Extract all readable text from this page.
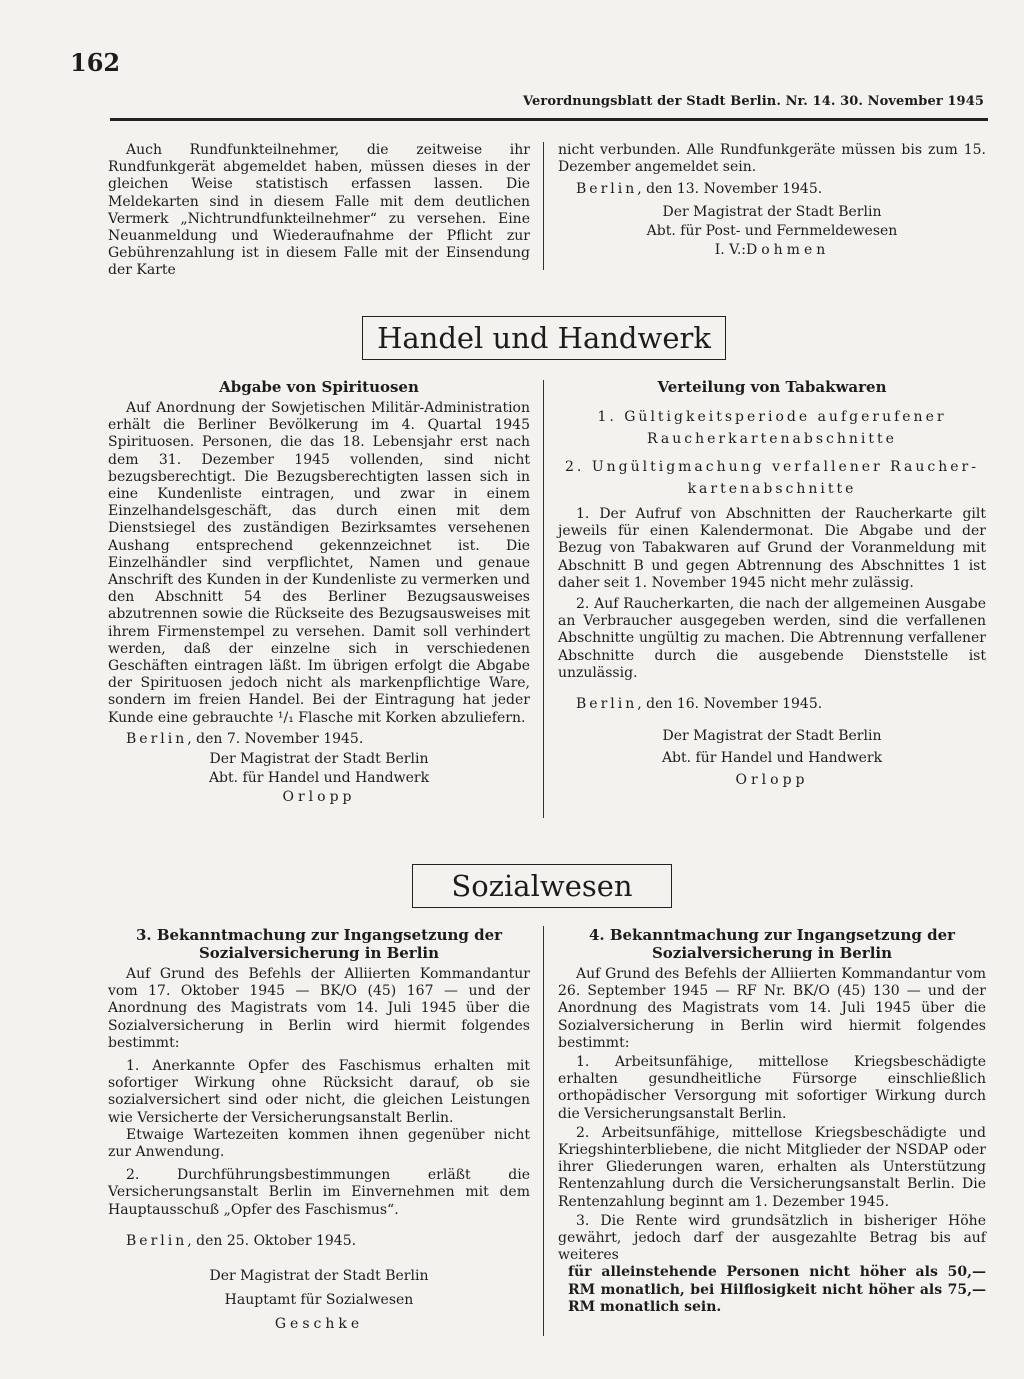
162
Verordnungsblatt der Stadt Berlin. Nr. 14. 30. November 1945

Auch Rundfunkteilnehmer, die zeitweise ihr Rundfunkgerät abgemeldet haben, müssen dieses in der gleichen Weise statistisch erfassen lassen. Die Meldekarten sind in diesem Falle mit dem deutlichen Vermerk „Nichtrundfunkteilnehmer“ zu versehen. Eine Neuanmeldung und Wiederaufnahme der Pflicht zur Gebührenzahlung ist in diesem Falle mit der Einsendung der Karte

nicht verbunden. Alle Rundfunkgeräte müssen bis zum 15. Dezember angemeldet sein.

Berlin, den 13. November 1945.

Der Magistrat der Stadt Berlin
Abt. für Post- und Fernmeldewesen
I. V.:Dohmen
Handel und Handwerk
Abgabe von Spirituosen

Auf Anordnung der Sowjetischen Militär-Administration erhält die Berliner Bevölkerung im 4. Quartal 1945 Spirituosen. Personen, die das 18. Lebensjahr erst nach dem 31. Dezember 1945 vollenden, sind nicht bezugsberechtigt. Die Bezugsberechtigten lassen sich in eine Kundenliste eintragen, und zwar in einem Einzelhandelsgeschäft, das durch einen mit dem Dienstsiegel des zuständigen Bezirksamtes versehenen Aushang entsprechend gekennzeichnet ist. Die Einzelhändler sind verpflichtet, Namen und genaue Anschrift des Kunden in der Kundenliste zu vermerken und den Abschnitt 54 des Berliner Bezugsausweises abzutrennen sowie die Rückseite des Bezugsausweises mit ihrem Firmenstempel zu versehen. Damit soll verhindert werden, daß der einzelne sich in verschiedenen Geschäften eintragen läßt. Im übrigen erfolgt die Abgabe der Spirituosen jedoch nicht als markenpflichtige Ware, sondern im freien Handel. Bei der Eintragung hat jeder Kunde eine gebrauchte ¹/₁ Flasche mit Korken abzuliefern.

Berlin, den 7. November 1945.

Der Magistrat der Stadt Berlin
Abt. für Handel und Handwerk
Orlopp
Verteilung von Tabakwaren
1. Gültigkeitsperiode aufgerufener
Raucherkartenabschnitte
2. Ungültigmachung verfallener Raucher-
kartenabschnitte

1. Der Aufruf von Abschnitten der Raucherkarte gilt jeweils für einen Kalendermonat. Die Abgabe und der Bezug von Tabakwaren auf Grund der Voranmeldung mit Abschnitt B und gegen Abtrennung des Abschnittes 1 ist daher seit 1. November 1945 nicht mehr zulässig.

2. Auf Raucherkarten, die nach der allgemeinen Ausgabe an Verbraucher ausgegeben werden, sind die verfallenen Abschnitte ungültig zu machen. Die Abtrennung verfallener Abschnitte durch die ausgebende Dienststelle ist unzulässig.

Berlin, den 16. November 1945.

Der Magistrat der Stadt Berlin
Abt. für Handel und Handwerk
Orlopp
Sozialwesen
3. Bekanntmachung zur Ingangsetzung der Sozialversicherung in Berlin

Auf Grund des Befehls der Alliierten Kommandantur vom 17. Oktober 1945 — BK/O (45) 167 — und der Anordnung des Magistrats vom 14. Juli 1945 über die Sozialversicherung in Berlin wird hiermit folgendes bestimmt:

1. Anerkannte Opfer des Faschismus erhalten mit sofortiger Wirkung ohne Rücksicht darauf, ob sie sozialversichert sind oder nicht, die gleichen Leistungen wie Versicherte der Versicherungsanstalt Berlin.

Etwaige Wartezeiten kommen ihnen gegenüber nicht zur Anwendung.

2. Durchführungsbestimmungen erläßt die Versicherungsanstalt Berlin im Einvernehmen mit dem Hauptausschuß „Opfer des Faschismus“.

Berlin, den 25. Oktober 1945.

Der Magistrat der Stadt Berlin
Hauptamt für Sozialwesen
Geschke
4. Bekanntmachung zur Ingangsetzung der Sozialversicherung in Berlin

Auf Grund des Befehls der Alliierten Kommandantur vom 26. September 1945 — RF Nr. BK/O (45) 130 — und der Anordnung des Magistrats vom 14. Juli 1945 über die Sozialversicherung in Berlin wird hiermit folgendes bestimmt:

1. Arbeitsunfähige, mittellose Kriegsbeschädigte erhalten gesundheitliche Fürsorge einschließlich orthopädischer Versorgung mit sofortiger Wirkung durch die Versicherungsanstalt Berlin.

2. Arbeitsunfähige, mittellose Kriegsbeschädigte und Kriegshinterbliebene, die nicht Mitglieder der NSDAP oder ihrer Gliederungen waren, erhalten als Unterstützung Rentenzahlung durch die Versicherungsanstalt Berlin. Die Rentenzahlung beginnt am 1. Dezember 1945.

3. Die Rente wird grundsätzlich in bisheriger Höhe gewährt, jedoch darf der ausgezahlte Betrag bis auf weiteres

für alleinstehende Personen nicht höher als 50,— RM monatlich, bei Hilflosigkeit nicht höher als 75,— RM monatlich sein.
